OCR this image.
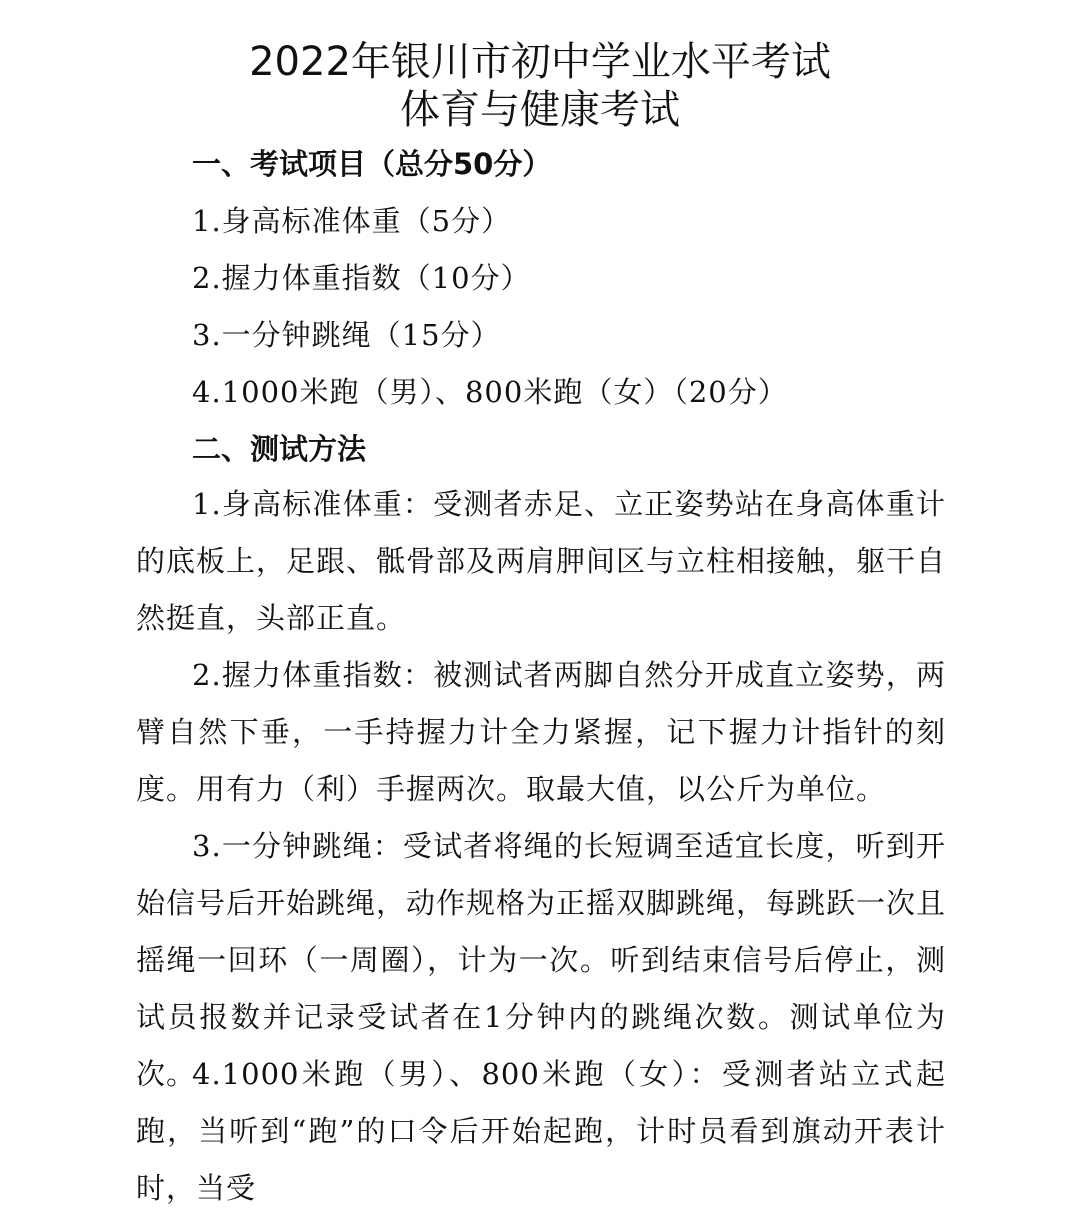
2022年银川市初中学业水平考试
体育与健康考试
一、考试项目（总分50分）
1.身高标准体重（5分）
2.握力体重指数（10分）
3.一分钟跳绳（15分）
4.1000米跑（男）、800米跑（女）（20分）
二、测试方法

1.身高标准体重：受测者赤足、立正姿势站在身高体重计的底板上，足跟、骶骨部及两肩胛间区与立柱相接触，躯干自然挺直，头部正直。

2.握力体重指数：被测试者两脚自然分开成直立姿势，两臂自然下垂，一手持握力计全力紧握，记下握力计指针的刻度。用有力（利）手握两次。取最大值，以公斤为单位。

3.一分钟跳绳：受试者将绳的长短调至适宜长度，听到开始信号后开始跳绳，动作规格为正摇双脚跳绳，每跳跃一次且摇绳一回环（一周圈），计为一次。听到结束信号后停止，测试员报数并记录受试者在1分钟内的跳绳次数。测试单位为次。

4.1000米跑（男）、800米跑（女）：受测者站立式起跑，当听到“跑”的口令后开始起跑，计时员看到旗动开表计时，当受
